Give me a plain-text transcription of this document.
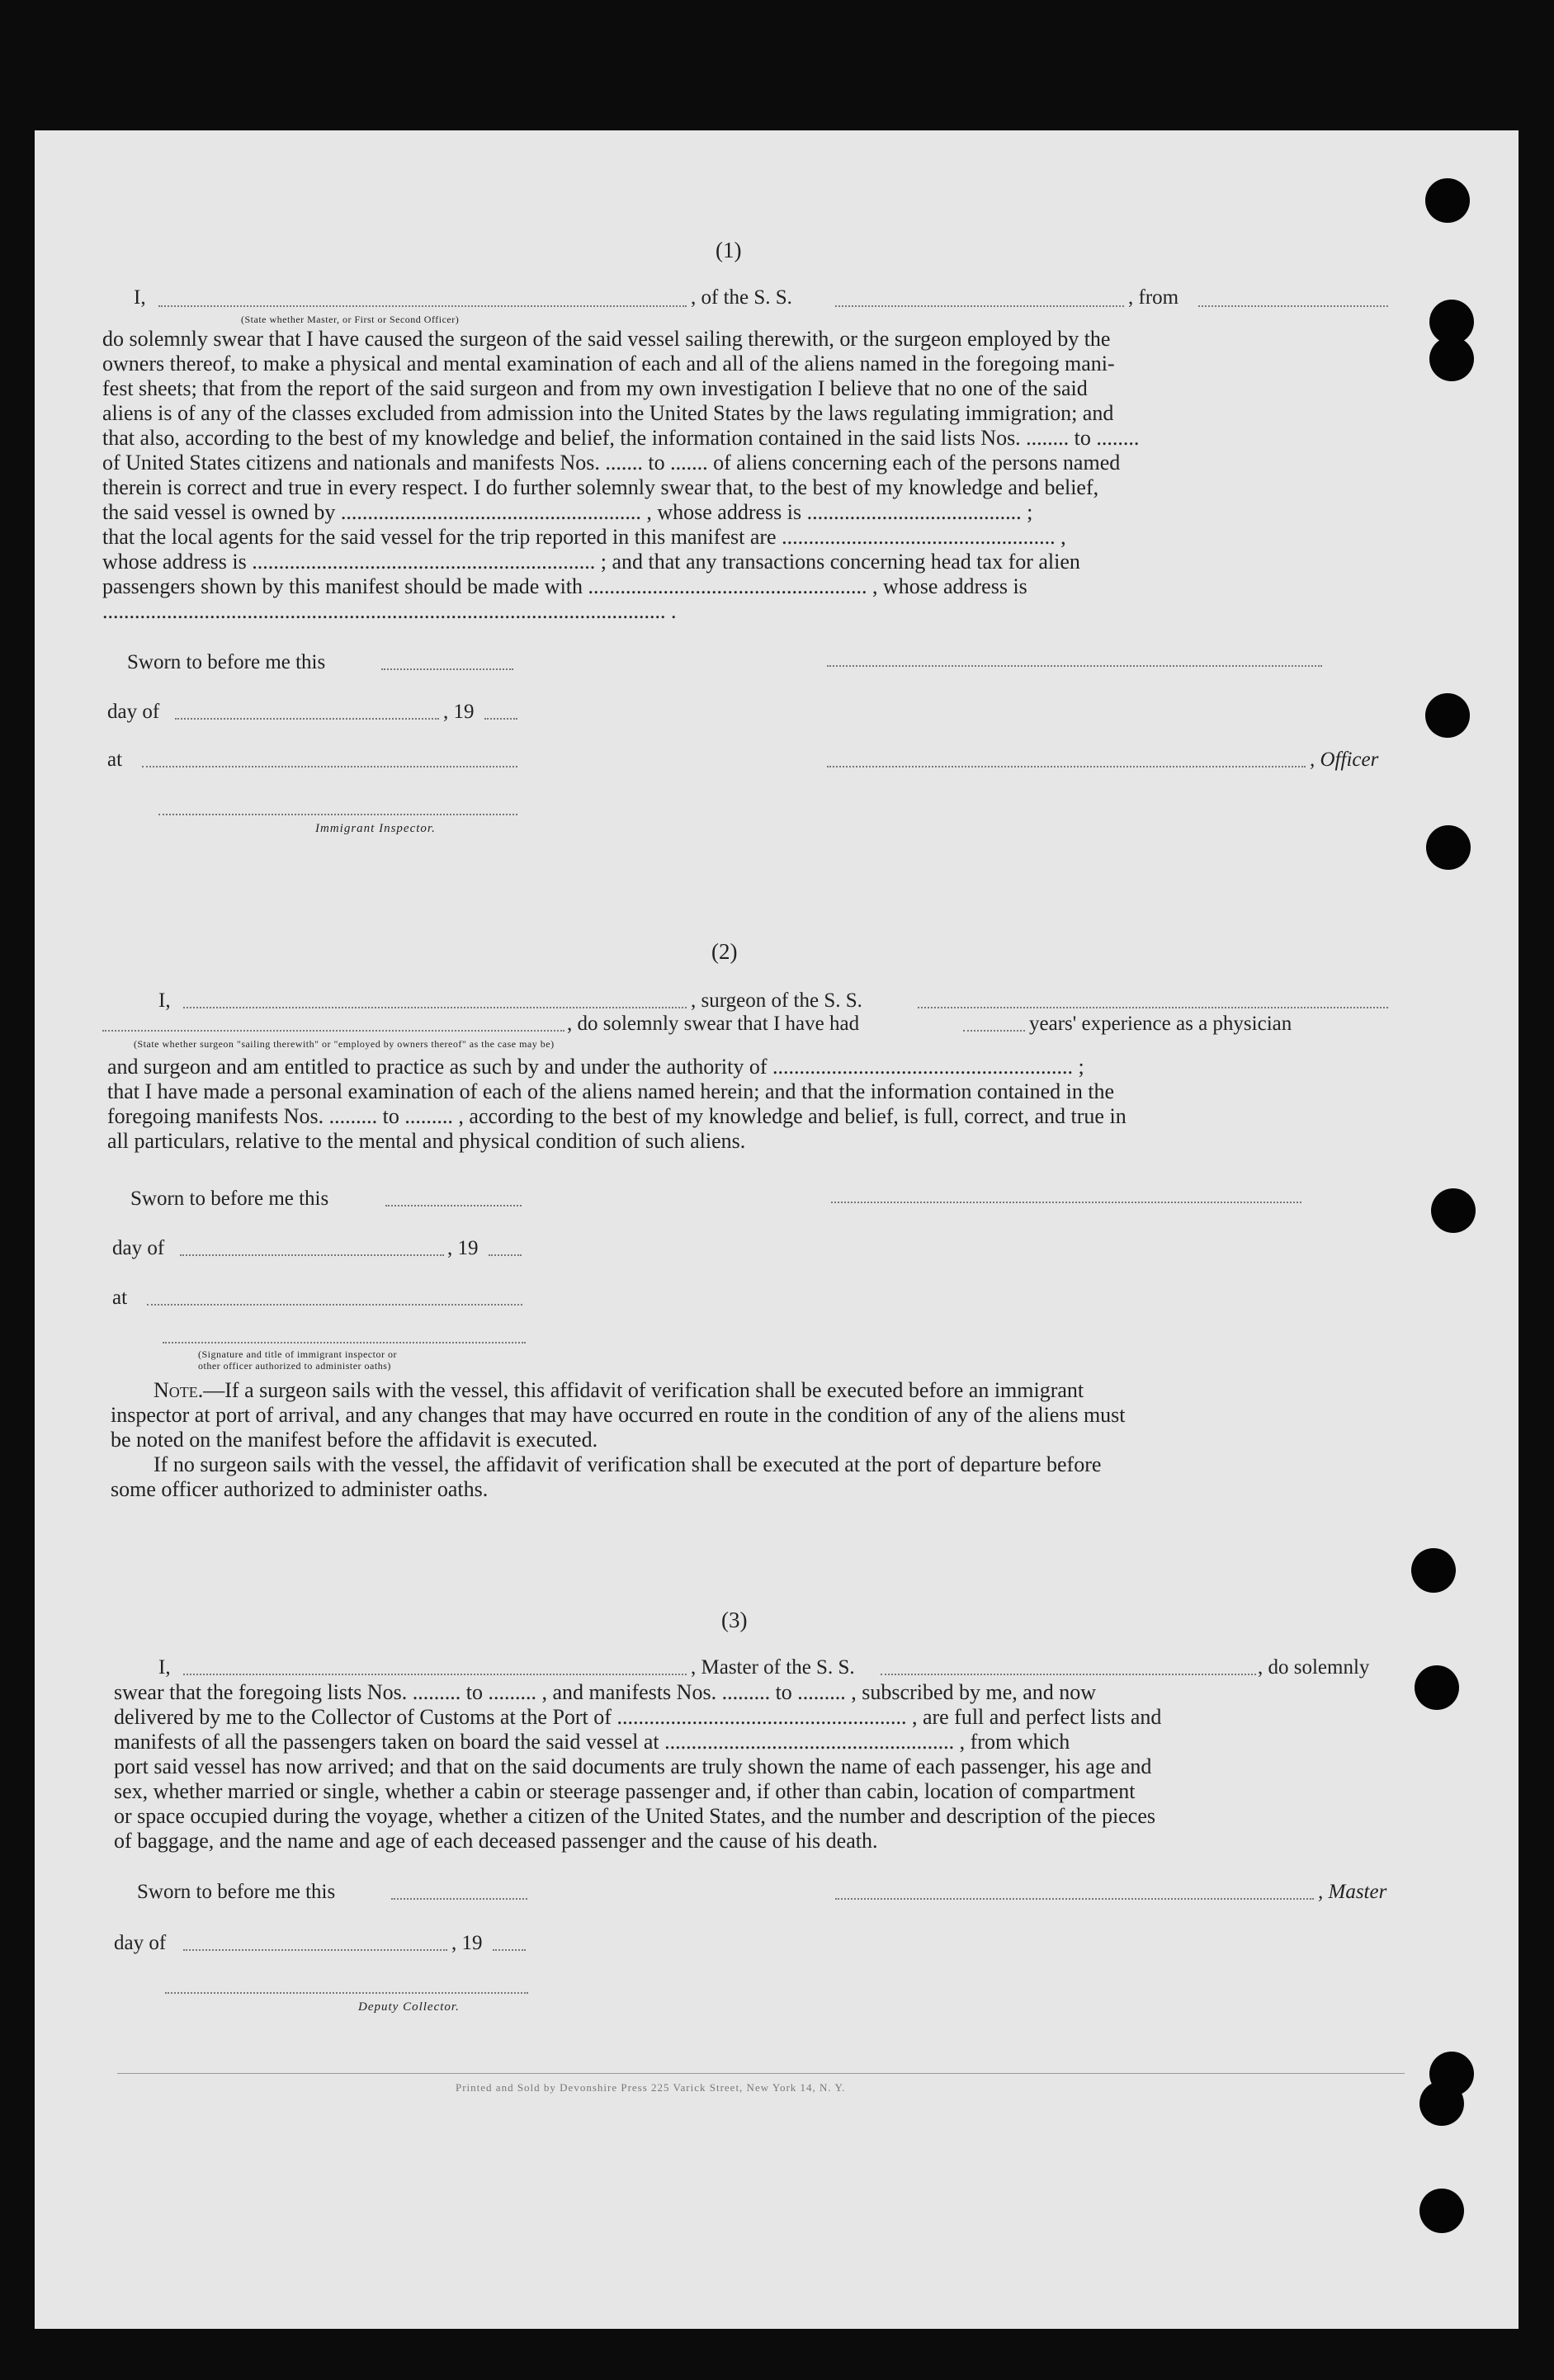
(1)
I,	, of the S. S.	, from
(State whether Master, or First or Second Officer)
do solemnly swear that I have caused the surgeon of the said vessel sailing therewith, or the surgeon employed by the
owners thereof, to make a physical and mental examination of each and all of the aliens named in the foregoing mani-
fest sheets; that from the report of the said surgeon and from my own investigation I believe that no one of the said
aliens is of any of the classes excluded from admission into the United States by the laws regulating immigration; and
that also, according to the best of my knowledge and belief, the information contained in the said lists Nos. ........ to ........
of United States citizens and nationals and manifests Nos. ....... to ....... of aliens concerning each of the persons named
therein is correct and true in every respect. I do further solemnly swear that, to the best of my knowledge and belief,
the said vessel is owned by ........................................................ , whose address is ........................................ ;
that the local agents for the said vessel for the trip reported in this manifest are ................................................... ,
whose address is ................................................................ ; and that any transactions concerning head tax for alien
passengers shown by this manifest should be made with .................................................... , whose address is
......................................................................................................... .
Sworn to before me this
day of	, 19
at	, Officer
Immigrant Inspector.
(2)
I,	, surgeon of the S. S.
, do solemnly swear that I have had	years' experience as a physician
(State whether surgeon "sailing therewith" or "employed by owners thereof" as the case may be)
and surgeon and am entitled to practice as such by and under the authority of ........................................................ ;
that I have made a personal examination of each of the aliens named herein; and that the information contained in the
foregoing manifests Nos. ......... to ......... , according to the best of my knowledge and belief, is full, correct, and true in
all particulars, relative to the mental and physical condition of such aliens.
Sworn to before me this
day of	, 19
at
(Signature and title of immigrant inspector or
other officer authorized to administer oaths)
Note.—If a surgeon sails with the vessel, this affidavit of verification shall be executed before an immigrant
inspector at port of arrival, and any changes that may have occurred en route in the condition of any of the aliens must
be noted on the manifest before the affidavit is executed.
If no surgeon sails with the vessel, the affidavit of verification shall be executed at the port of departure before
some officer authorized to administer oaths.
(3)
I,	, Master of the S. S.	, do solemnly
swear that the foregoing lists Nos. ......... to ......... , and manifests Nos. ......... to ......... , subscribed by me, and now
delivered by me to the Collector of Customs at the Port of ...................................................... , are full and perfect lists and
manifests of all the passengers taken on board the said vessel at ...................................................... , from which
port said vessel has now arrived; and that on the said documents are truly shown the name of each passenger, his age and
sex, whether married or single, whether a cabin or steerage passenger and, if other than cabin, location of compartment
or space occupied during the voyage, whether a citizen of the United States, and the number and description of the pieces
of baggage, and the name and age of each deceased passenger and the cause of his death.
Sworn to before me this	, Master
day of	, 19
Deputy Collector.
Printed and Sold by Devonshire Press 225 Varick Street, New York 14, N. Y.
